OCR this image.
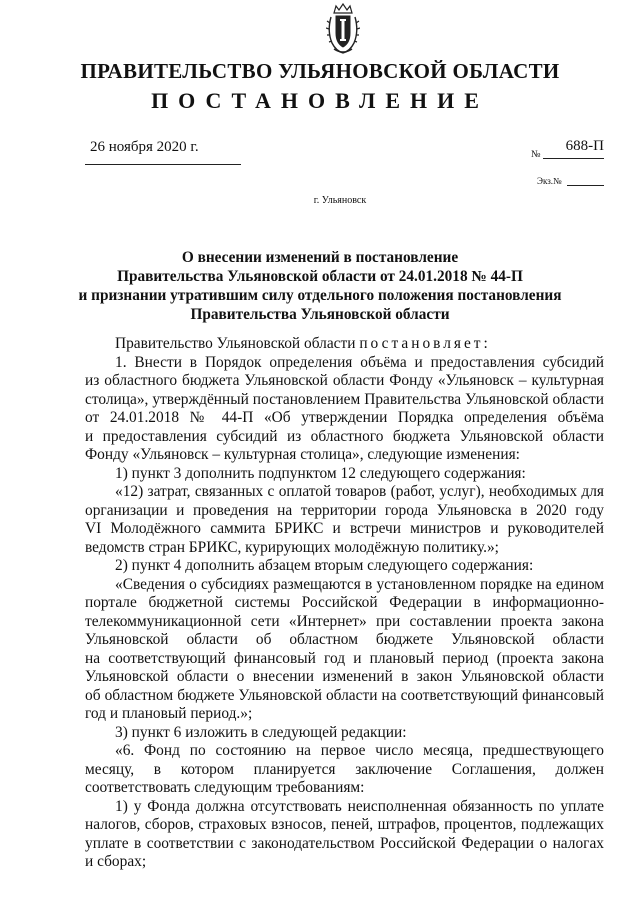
ПРАВИТЕЛЬСТВО УЛЬЯНОВСКОЙ ОБЛАСТИ
ПОСТАНОВЛЕНИЕ
26 ноября 2020 г.	№
688-П
Экз.№
г. Ульяновск
О внесении изменений в постановление
Правительства Ульяновской области от 24.01.2018 № 44-П
и признании утратившим силу отдельного положения постановления
Правительства Ульяновской области
Правительство Ульяновской области постановляет:
1. Внести в Порядок определения объёма и предоставления субсидий
из областного бюджета Ульяновской области Фонду «Ульяновск – культурная
столица», утверждённый постановлением Правительства Ульяновской области
от 24.01.2018 № 44-П «Об утверждении Порядка определения объёма
и предоставления субсидий из областного бюджета Ульяновской области
Фонду «Ульяновск – культурная столица», следующие изменения:
1) пункт 3 дополнить подпунктом 12 следующего содержания:
«12) затрат, связанных с оплатой товаров (работ, услуг), необходимых для
организации и проведения на территории города Ульяновска в 2020 году
VI Молодёжного саммита БРИКС и встречи министров и руководителей
ведомств стран БРИКС, курирующих молодёжную политику.»;
2) пункт 4 дополнить абзацем вторым следующего содержания:
«Сведения о субсидиях размещаются в установленном порядке на едином
портале бюджетной системы Российской Федерации в информационно-
телекоммуникационной сети «Интернет» при составлении проекта закона
Ульяновской области об областном бюджете Ульяновской области
на соответствующий финансовый год и плановый период (проекта закона
Ульяновской области о внесении изменений в закон Ульяновской области
об областном бюджете Ульяновской области на соответствующий финансовый
год и плановый период.»;
3) пункт 6 изложить в следующей редакции:
«6. Фонд по состоянию на первое число месяца, предшествующего
месяцу, в котором планируется заключение Соглашения, должен
соответствовать следующим требованиям:
1) у Фонда должна отсутствовать неисполненная обязанность по уплате
налогов, сборов, страховых взносов, пеней, штрафов, процентов, подлежащих
уплате в соответствии с законодательством Российской Федерации о налогах
и сборах;
